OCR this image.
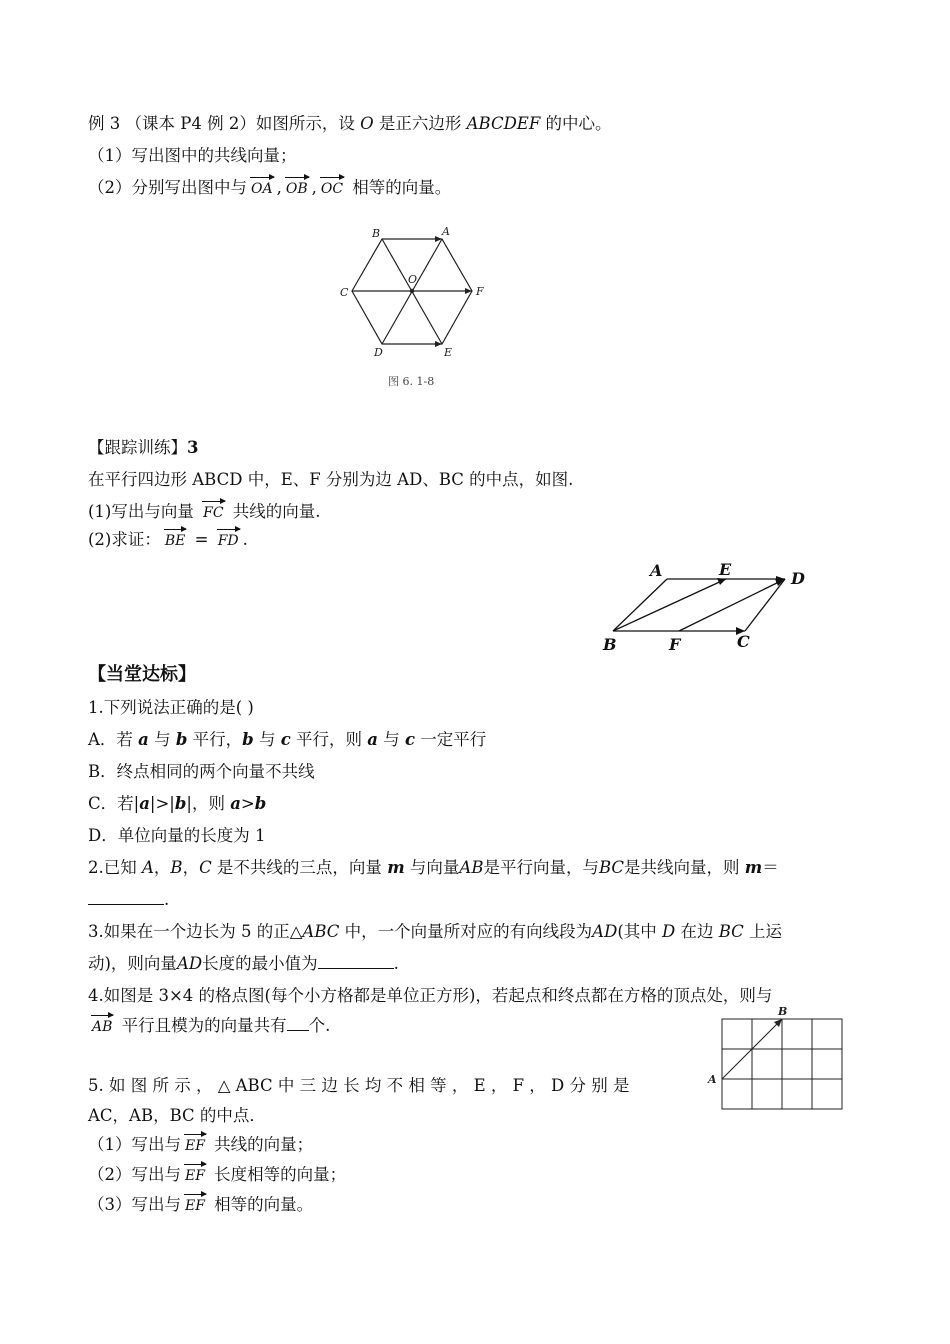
例 3 （课本 P4 例 2）如图所示，设 O 是正六边形 ABCDEF 的中心。
（1）写出图中的共线向量；
（2）分别写出图中与 OA , OB , OC 相等的向量。
B	A
C	F
O
D	E
图 6. 1-8
【跟踪训练】3
在平行四边形 ABCD 中，E、F 分别为边 AD、BC 的中点，如图.
(1)写出与向量 FC 共线的向量.
(2)求证： BE = FD .
A	E	D
B	F	C
【当堂达标】
1.下列说法正确的是( )
A．若 a 与 b 平行，b 与 c 平行，则 a 与 c 一定平行
B．终点相同的两个向量不共线
C．若|a|>|b|，则 a>b
D．单位向量的长度为 1
2.已知 A，B，C 是不共线的三点，向量 m 与向量AB是平行向量，与BC是共线向量，则 m＝
.
3.如果在一个边长为 5 的正△ABC 中，一个向量所对应的有向线段为AD(其中 D 在边 BC 上运
动)，则向量AD长度的最小值为	.
4.如图是 3×4 的格点图(每个小方格都是单位正方形)，若起点和终点都在方格的顶点处，则与
AB 平行且模为的向量共有 个.
A
B
5. 如 图 所 示 ， △ ABC 中 三 边 长 均 不 相 等 ， E ， F ， D 分 别 是
AC，AB，BC 的中点．
（1）写出与 EF 共线的向量；
（2）写出与 EF 长度相等的向量；
（3）写出与 EF 相等的向量。
